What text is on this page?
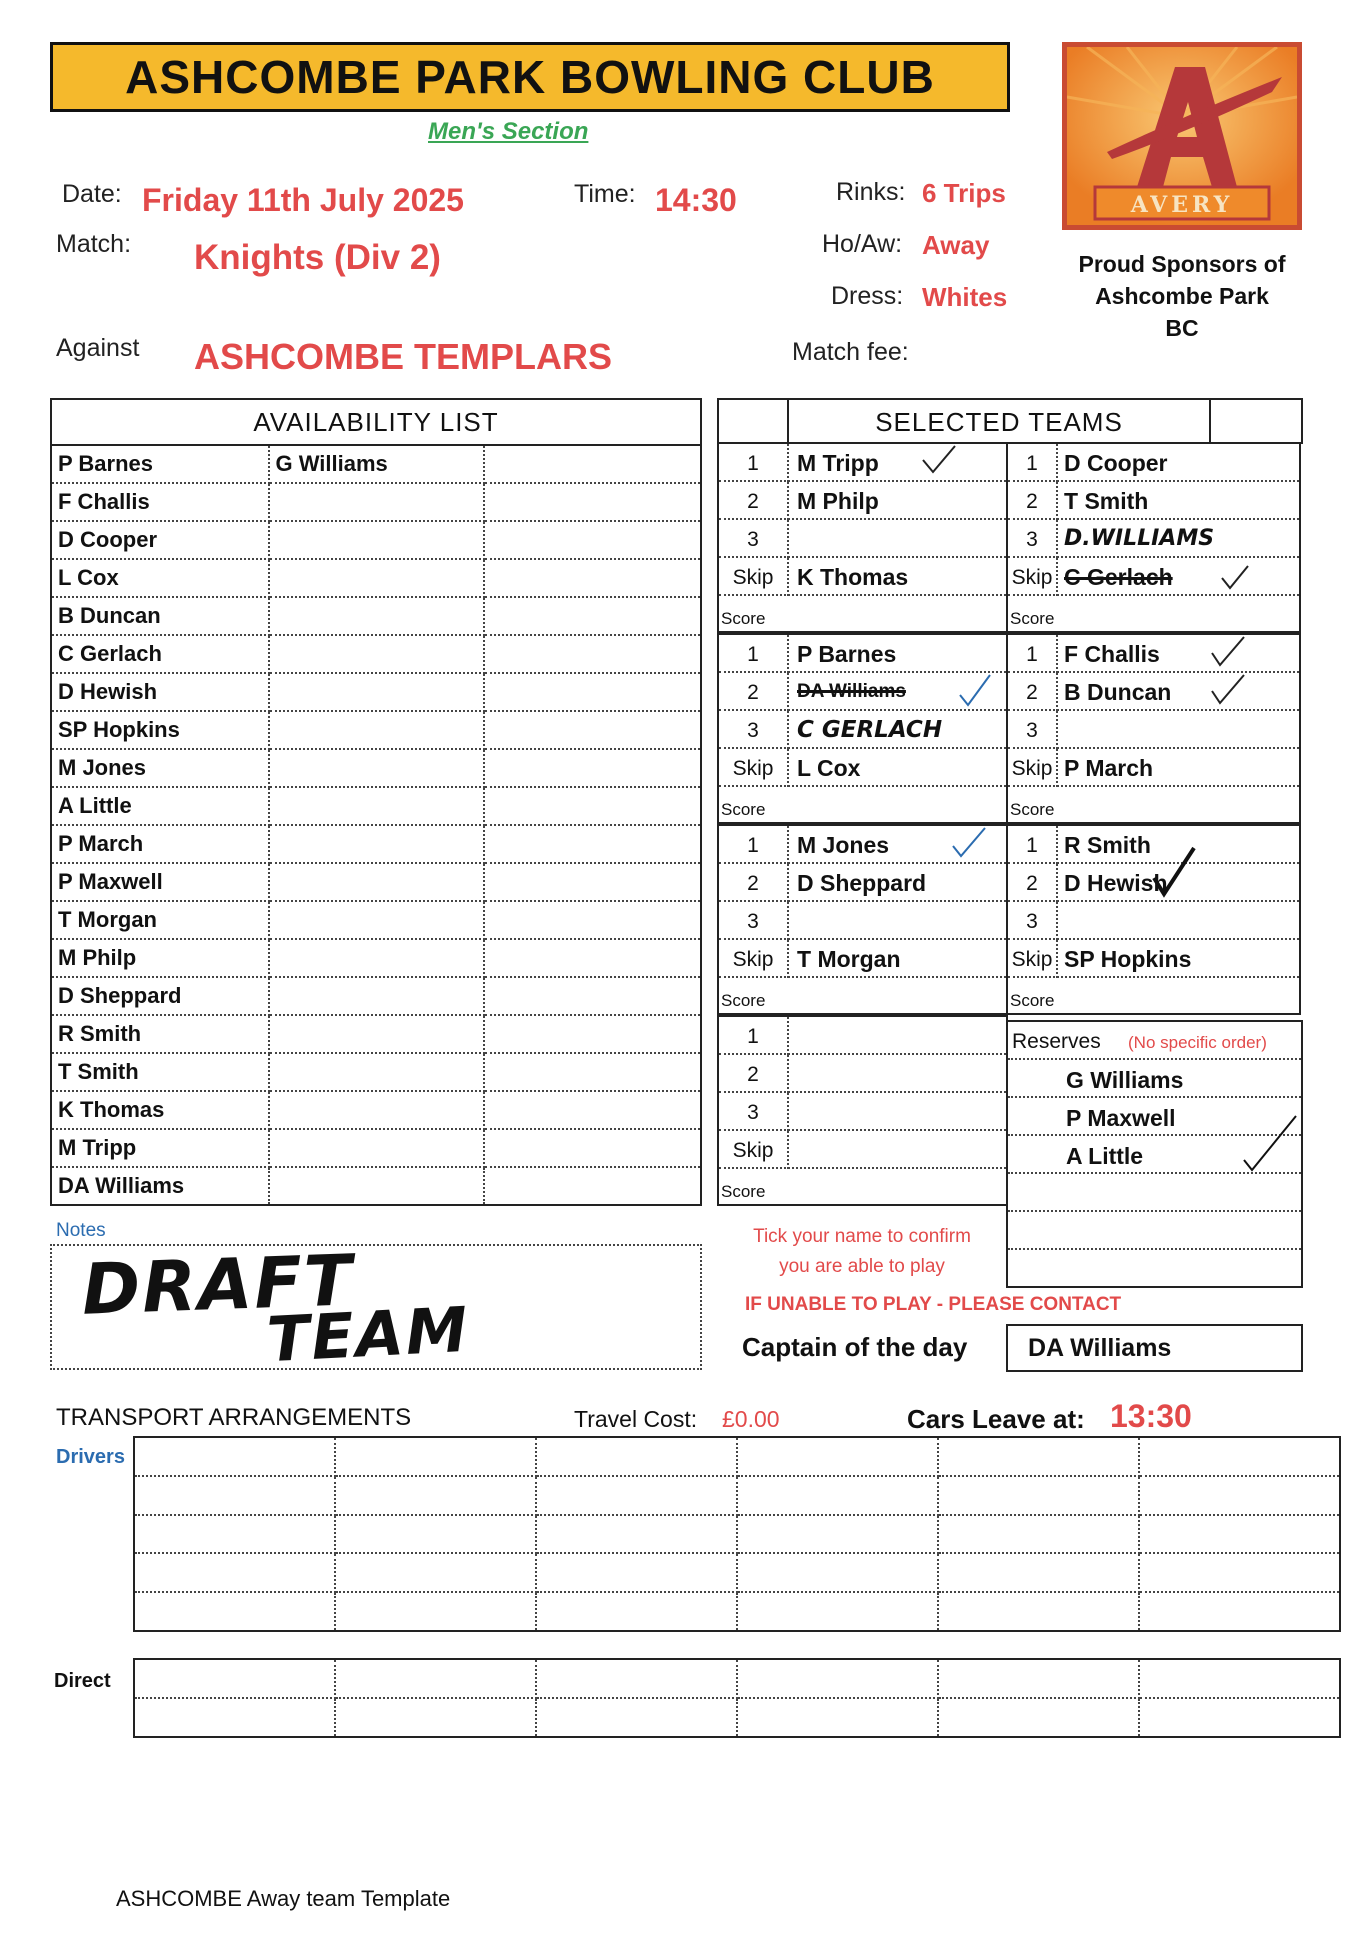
ASHCOMBE PARK BOWLING CLUB
Men's Section
Date: Friday 11th July 2025	Time: 14:30	Rinks: 6 Trips
Match: Knights (Div 2)	Ho/Aw: Away
Dress: Whites
Against ASHCOMBE TEMPLARS	Match fee:
AVERY
Proud Sponsors of
Ashcombe Park
BC
AVAILABILITY LIST		
P Barnes	G Williams	
F Challis		
D Cooper		
L Cox		
B Duncan		
C Gerlach		
D Hewish		
SP Hopkins		
M Jones		
A Little		
P March		
P Maxwell		
T Morgan		
M Philp		
D Sheppard		
R Smith		
T Smith		
K Thomas		
M Tripp		
DA Williams		
SELECTED TEAMS
1	M Tripp
2	M Philp
3
Skip	K Thomas
Score
1	D Cooper
2	T Smith
3	D.WILLIAMS
Skip C Gerlach
Score
1	P Barnes
2	DA Williams
3	C GERLACH
Skip	L Cox
Score
1	F Challis
2	B Duncan
3
Skip P March
Score
1	M Jones
2	D Sheppard
3
Skip	T Morgan
Score
1	R Smith
2	D Hewish
3
Skip SP Hopkins
Score
1
2
3
Skip
Score
Reserves (No specific order)
G Williams
P Maxwell
A Little
Notes
DRAFT
TEAM
Tick your name to confirm
you are able to play
IF UNABLE TO PLAY - PLEASE CONTACT
Captain of the day	DA Williams
TRANSPORT ARRANGEMENTS	Travel Cost: £0.00	Cars Leave at: 13:30
Drivers

Direct

ASHCOMBE Away team Template
